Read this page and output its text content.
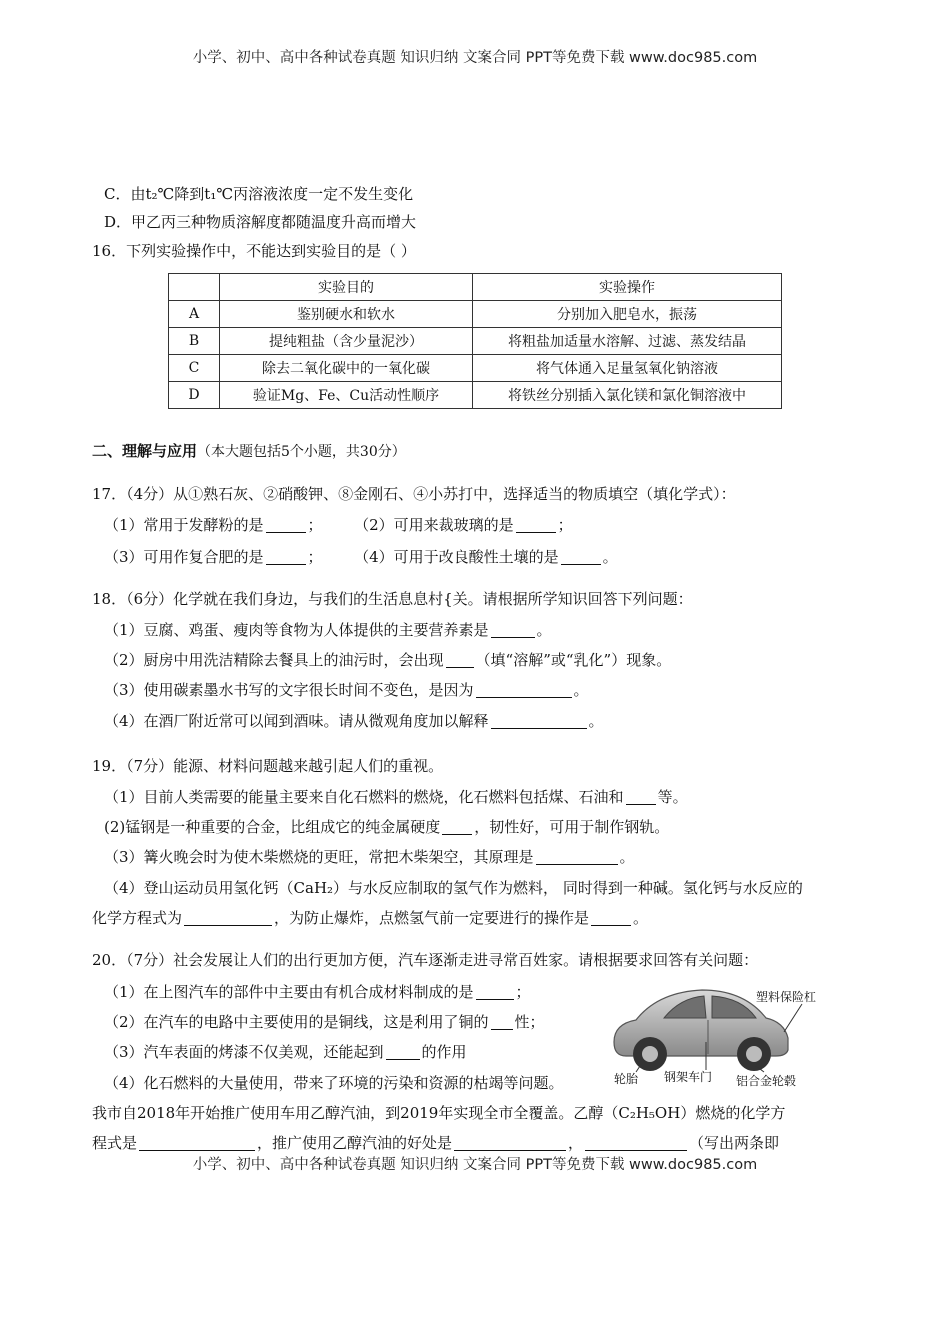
小学、初中、高中各种试卷真题 知识归纳 文案合同 PPT等免费下载 www.doc985.com
C．由t₂℃降到t₁℃丙溶液浓度一定不发生变化
D．甲乙丙三种物质溶解度都随温度升高而增大
16．下列实验操作中，不能达到实验目的是（ ）
	实验目的	实验操作
A	鉴别硬水和软水	分别加入肥皂水，振荡
B	提纯粗盐（含少量泥沙）	将粗盐加适量水溶解、过滤、蒸发结晶
C	除去二氧化碳中的一氧化碳	将气体通入足量氢氧化钠溶液
D	验证Mg、Fe、Cu活动性顺序	将铁丝分别插入氯化镁和氯化铜溶液中
二、理解与应用（本大题包括5个小题，共30分）
17．（4分）从①熟石灰、②硝酸钾、⑧金刚石、④小苏打中，选择适当的物质填空（填化学式）：
（1）常用于发酵粉的是	； （2）可用来裁玻璃的是	；
（3）可用作复合肥的是	； （4）可用于改良酸性土壤的是	。
18．（6分）化学就在我们身边，与我们的生活息息村{关。请根据所学知识回答下列问题：
（1）豆腐、鸡蛋、瘦肉等食物为人体提供的主要营养素是	。
（2）厨房中用洗洁精除去餐具上的油污时，会出现 （填“溶解”或“乳化”）现象。
（3）使用碳素墨水书写的文字很长时间不变色，是因为	。
（4）在酒厂附近常可以闻到酒味。请从微观角度加以解释	。
19．（7分）能源、材料问题越来越引起人们的重视。
（1）目前人类需要的能量主要来自化石燃料的燃烧，化石燃料包括煤、石油和 等。
(2)锰钢是一种重要的合金，比组成它的纯金属硬度 ，韧性好，可用于制作钢轨。
（3）篝火晚会时为使木柴燃烧的更旺，常把木柴架空，其原理是	。
（4）登山运动员用氢化钙（CaH₂）与水反应制取的氢气作为燃料， 同时得到一种碱。氢化钙与水反应的
化学方程式为	，为防止爆炸，点燃氢气前一定要进行的操作是	。
20．（7分）社会发展让人们的出行更加方便，汽车逐渐走进寻常百姓家。请根据要求回答有关问题：
（1）在上图汽车的部件中主要由有机合成材料制成的是	；
（2）在汽车的电路中主要使用的是铜线，这是利用了铜的 性；
（3）汽车表面的烤漆不仅美观，还能起到	的作用
（4）化石燃料的大量使用，带来了环境的污染和资源的枯竭等问题。
我市自2018年开始推广使用车用乙醇汽油，到2019年实现全市全覆盖。乙醇（C₂H₅OH）燃烧的化学方
程式是	，推广使用乙醇汽油的好处是	，	（写出两条即
塑料保险杠
轮胎 钢架车门 铝合金轮毂
小学、初中、高中各种试卷真题 知识归纳 文案合同 PPT等免费下载 www.doc985.com
